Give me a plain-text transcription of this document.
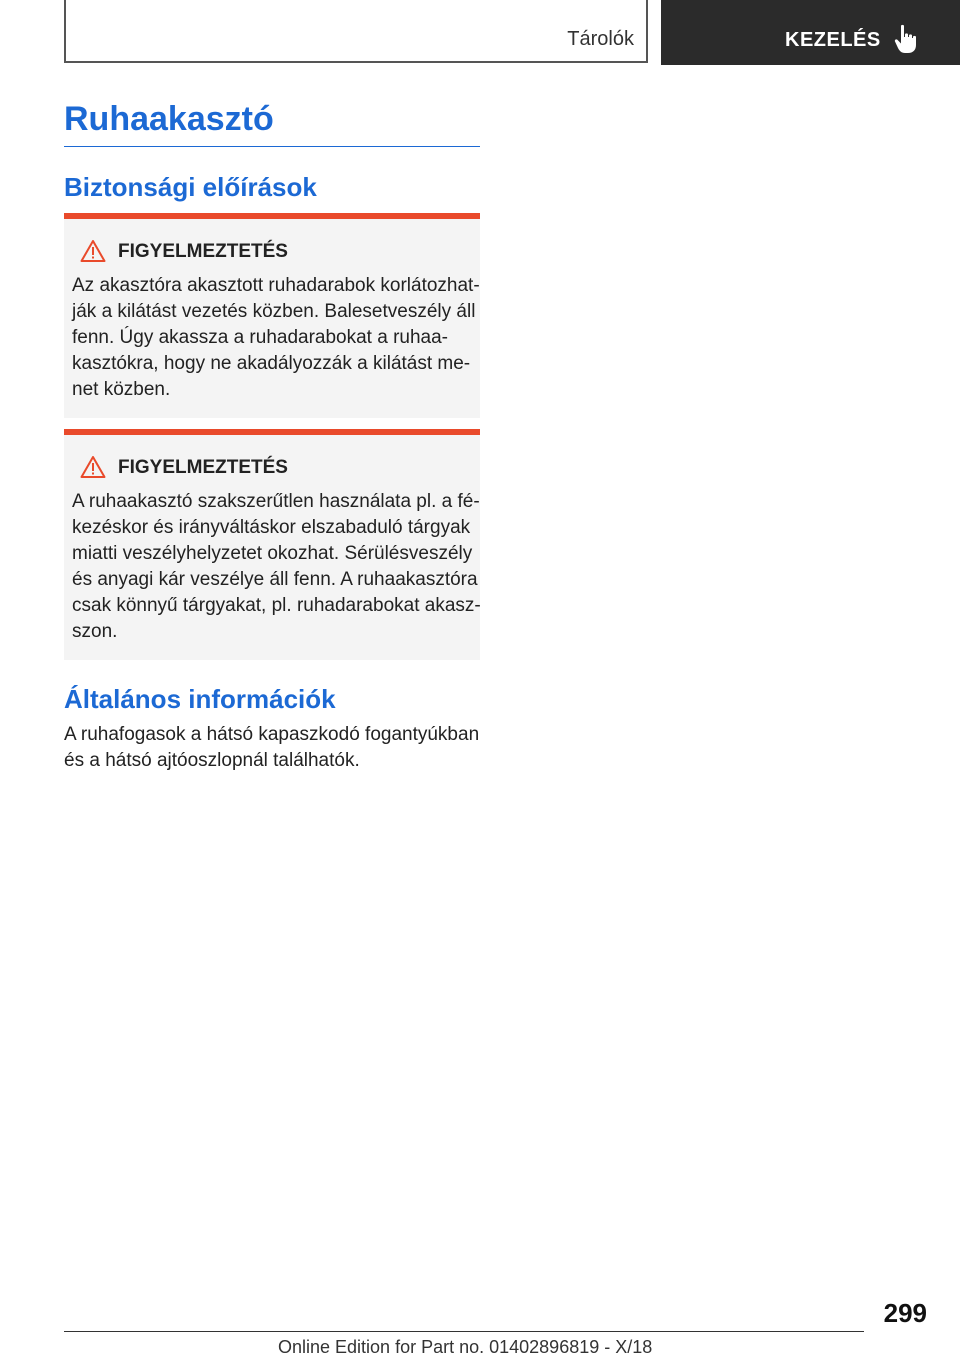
Tárolók	KEZELÉS
Ruhaakasztó
Biztonsági előírások
FIGYELMEZTETÉS
Az akasztóra akasztott ruhadarabok korlátozhat-
ják a kilátást vezetés közben. Balesetveszély áll
fenn. Úgy akassza a ruhadarabokat a ruhaa-
kasztókra, hogy ne akadályozzák a kilátást me-
net közben.
FIGYELMEZTETÉS
A ruhaakasztó szakszerűtlen használata pl. a fé-
kezéskor és irányváltáskor elszabaduló tárgyak
miatti veszélyhelyzetet okozhat. Sérülésveszély
és anyagi kár veszélye áll fenn. A ruhaakasztóra
csak könnyű tárgyakat, pl. ruhadarabokat akasz-
szon.
Általános információk
A ruhafogasok a hátsó kapaszkodó fogantyúkban
és a hátsó ajtóoszlopnál találhatók.
299
Online Edition for Part no. 01402896819 - X/18
